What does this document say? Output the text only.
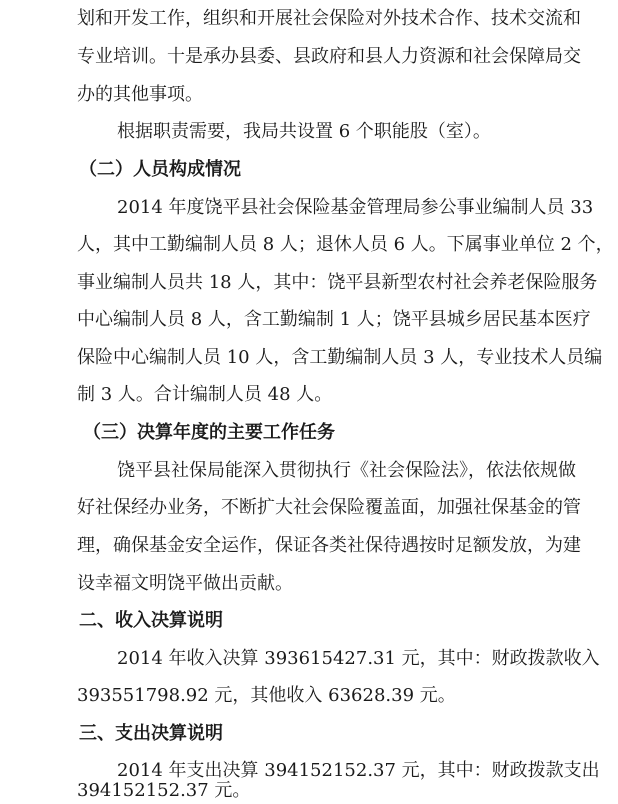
划和开发工作，组织和开展社会保险对外技术合作、技术交流和
专业培训。十是承办县委、县政府和县人力资源和社会保障局交
办的其他事项。
根据职责需要，我局共设置 6 个职能股（室）。
（二）人员构成情况
2014 年度饶平县社会保险基金管理局参公事业编制人员 33
人，其中工勤编制人员 8 人；退休人员 6 人。下属事业单位 2 个，
事业编制人员共 18 人，其中：饶平县新型农村社会养老保险服务
中心编制人员 8 人，含工勤编制 1 人；饶平县城乡居民基本医疗
保险中心编制人员 10 人，含工勤编制人员 3 人，专业技术人员编
制 3 人。合计编制人员 48 人。
（三）决算年度的主要工作任务
饶平县社保局能深入贯彻执行《社会保险法》，依法依规做
好社保经办业务，不断扩大社会保险覆盖面，加强社保基金的管
理，确保基金安全运作，保证各类社保待遇按时足额发放，为建
设幸福文明饶平做出贡献。
二、收入决算说明
2014 年收入决算 393615427.31 元，其中：财政拨款收入
393551798.92 元，其他收入 63628.39 元。
三、支出决算说明
2014 年支出决算 394152152.37 元，其中：财政拨款支出
394152152.37 元。
